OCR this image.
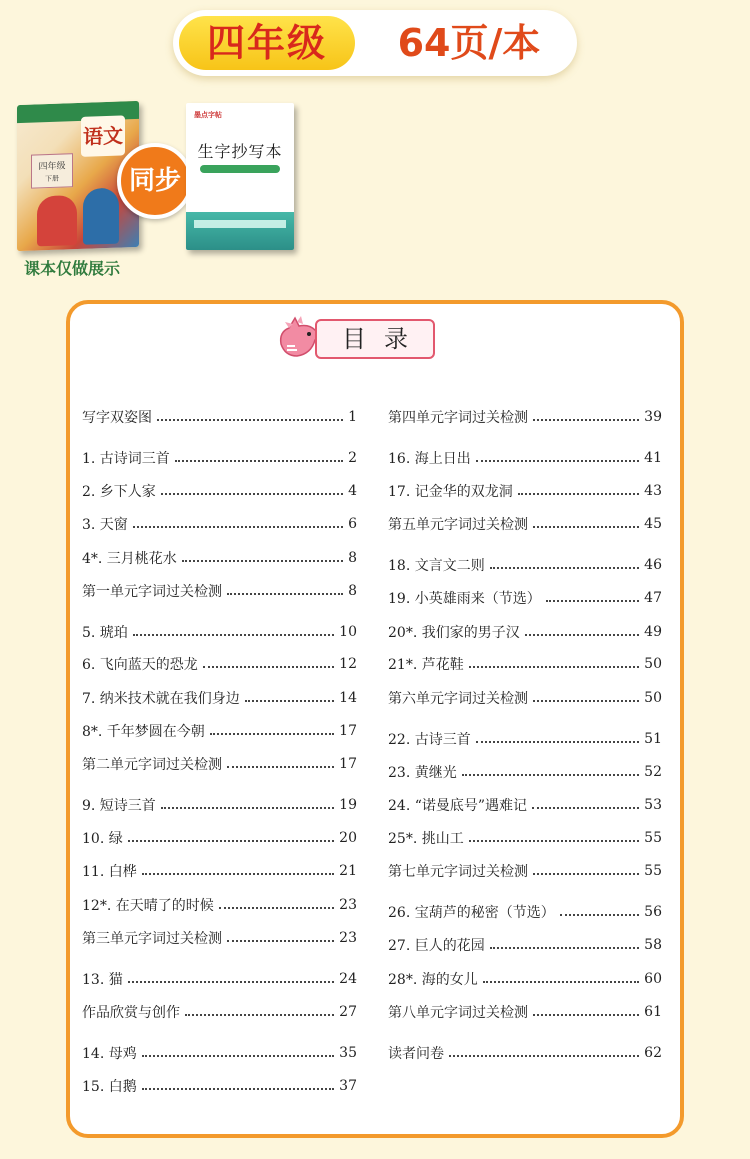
四年级	64页/本
语文
四年级
下册	同步
墨点字帖
生字抄写本
课本仅做展示
目录
写字双姿图	1
1. 古诗词三首	2
2. 乡下人家	4
3. 天窗	6
4*. 三月桃花水	8
第一单元字词过关检测	8
5. 琥珀	10
6. 飞向蓝天的恐龙	12
7. 纳米技术就在我们身边	14
8*. 千年梦圆在今朝	17
第二单元字词过关检测	17
9. 短诗三首	19
10. 绿	20
11. 白桦	21
12*. 在天晴了的时候	23
第三单元字词过关检测	23
13. 猫	24
作品欣赏与创作	27
14. 母鸡	35
15. 白鹅	37
第四单元字词过关检测	39
16. 海上日出	41
17. 记金华的双龙洞	43
第五单元字词过关检测	45
18. 文言文二则	46
19. 小英雄雨来（节选）	47
20*. 我们家的男子汉	49
21*. 芦花鞋	50
第六单元字词过关检测	50
22. 古诗三首	51
23. 黄继光	52
24. “诺曼底号”遇难记	53
25*. 挑山工	55
第七单元字词过关检测	55
26. 宝葫芦的秘密（节选）	56
27. 巨人的花园	58
28*. 海的女儿	60
第八单元字词过关检测	61
读者问卷	62
